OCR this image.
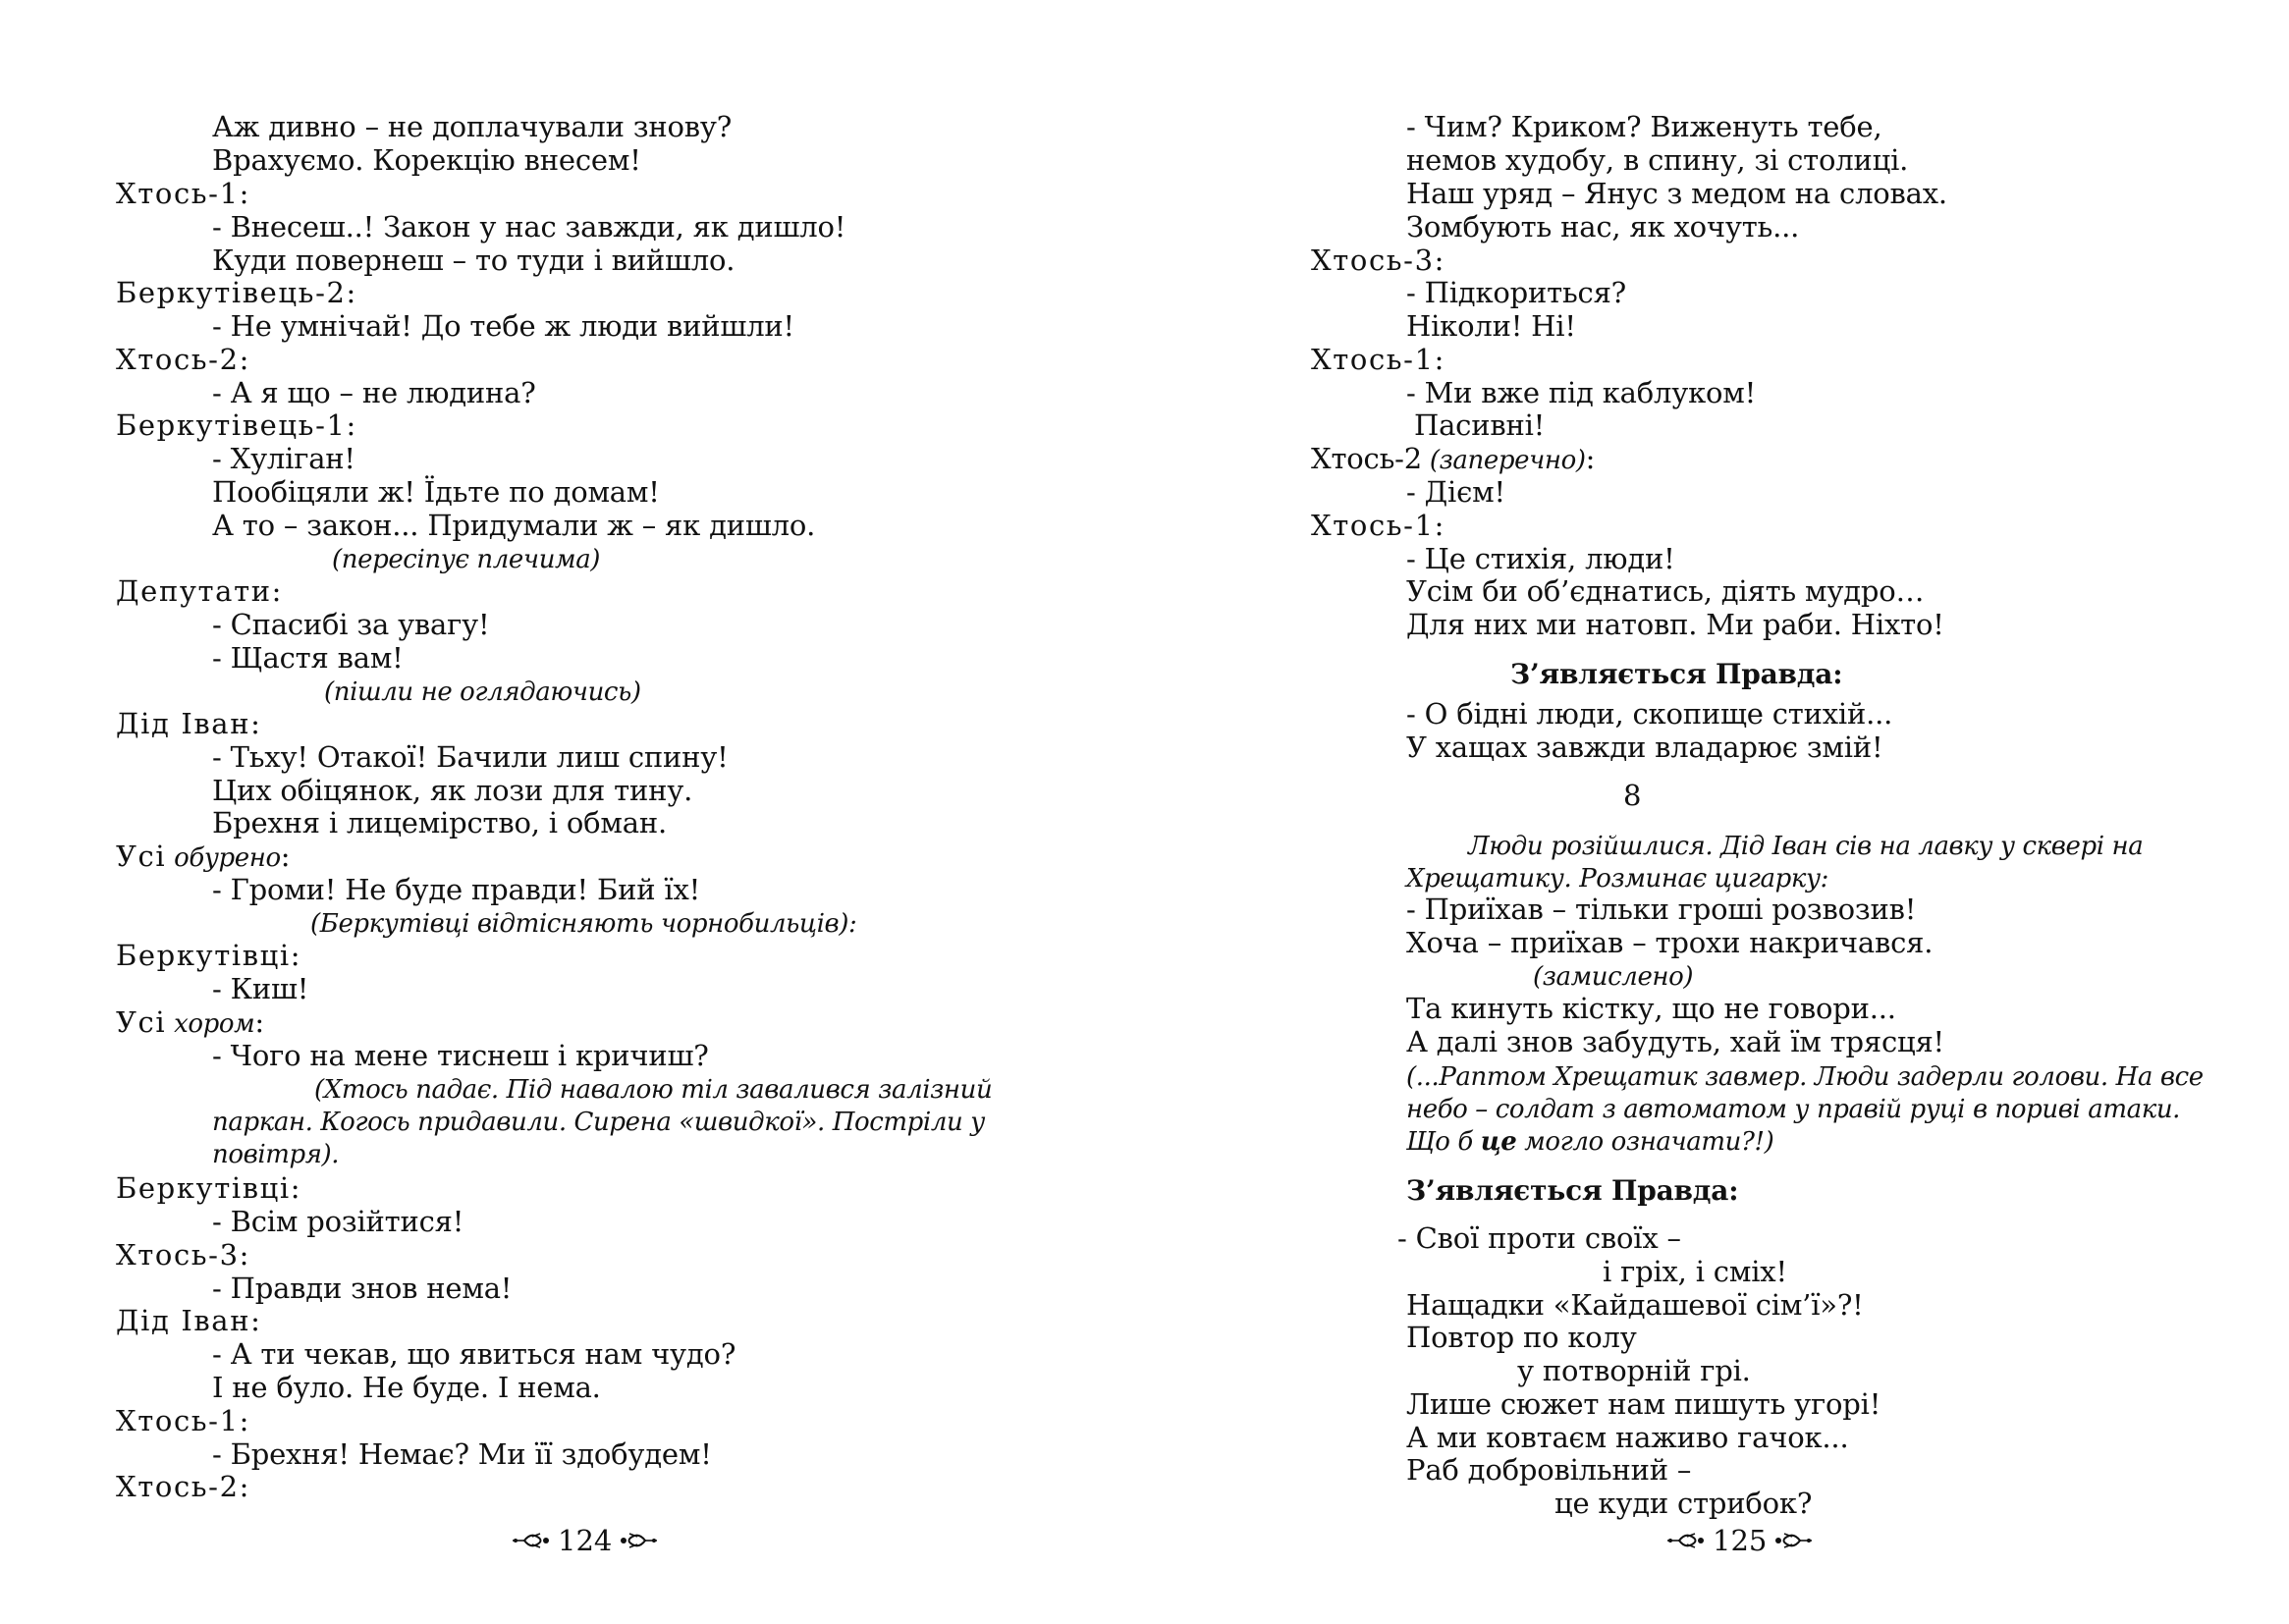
Аж дивно – не доплачували знову?
Врахуємо. Корекцію внесем!
Хтось-1:
- Внесеш..! Закон у нас завжди, як дишло!
Куди повернеш – то туди і вийшло.
Беркутівець-2:
- Не умнічай! До тебе ж люди вийшли!
Хтось-2:
- А я що – не людина?
Беркутівець-1:
- Хуліган!
Пообіцяли ж! Їдьте по домам!
А то – закон... Придумали ж – як дишло.
(пересіпує плечима)
Депутати:
- Спасибі за увагу!
- Щастя вам!
(пішли не оглядаючись)
Дід Іван:
- Тьху! Отакої! Бачили лиш спину!
Цих обіцянок, як лози для тину.
Брехня і лицемірство, і обман.
Усі обурено:
- Громи! Не буде правди! Бий їх!
(Беркутівці відтісняють чорнобильців):
Беркутівці:
- Киш!
Усі хором:
- Чого на мене тиснеш і кричиш?
(Хтось падає. Під навалою тіл завалився залізний
паркан. Когось придавили. Сирена «швидкої». Постріли у
повітря).
Беркутівці:
- Всім розійтися!
Хтось-3:
- Правди знов нема!
Дід Іван:
- А ти чекав, що явиться нам чудо?
І не було. Не буде. І нема.
Хтось-1:
- Брехня! Немає? Ми її здобудем!
Хтось-2:
124
- Чим? Криком? Виженуть тебе,
немов худобу, в спину, зі столиці.
Наш уряд – Янус з медом на словах.
Зомбують нас, як хочуть...
Хтось-3:
- Підкориться?
Ніколи! Ні!
Хтось-1:
- Ми вже під каблуком!
Пасивні!
Хтось-2 (заперечно):
- Дієм!
Хтось-1:
- Це стихія, люди!
Усім би об’єднатись, діять мудро…
Для них ми натовп. Ми раби. Ніхто!
З’являється Правда:
- О бідні люди, скопище стихій...
У хащах завжди владарює змій!
8
Люди розійшлися. Дід Іван сів на лавку у сквері на
Хрещатику. Розминає цигарку:
- Приїхав – тільки гроші розвозив!
Хоча – приїхав – трохи накричався.
(замислено)
Та кинуть кістку, що не говори...
А далі знов забудуть, хай їм трясця!
(...Раптом Хрещатик завмер. Люди задерли голови. На все
небо – солдат з автоматом у правій руці в пориві атаки.
Що б це могло означати?!)
З’являється Правда:
- Свої проти своїх –
і гріх, і сміх!
Нащадки «Кайдашевої сім’ї»?!
Повтор по колу
у потворній грі.
Лише сюжет нам пишуть угорі!
А ми ковтаєм наживо гачок...
Раб добровільний –
це куди стрибок?
125
